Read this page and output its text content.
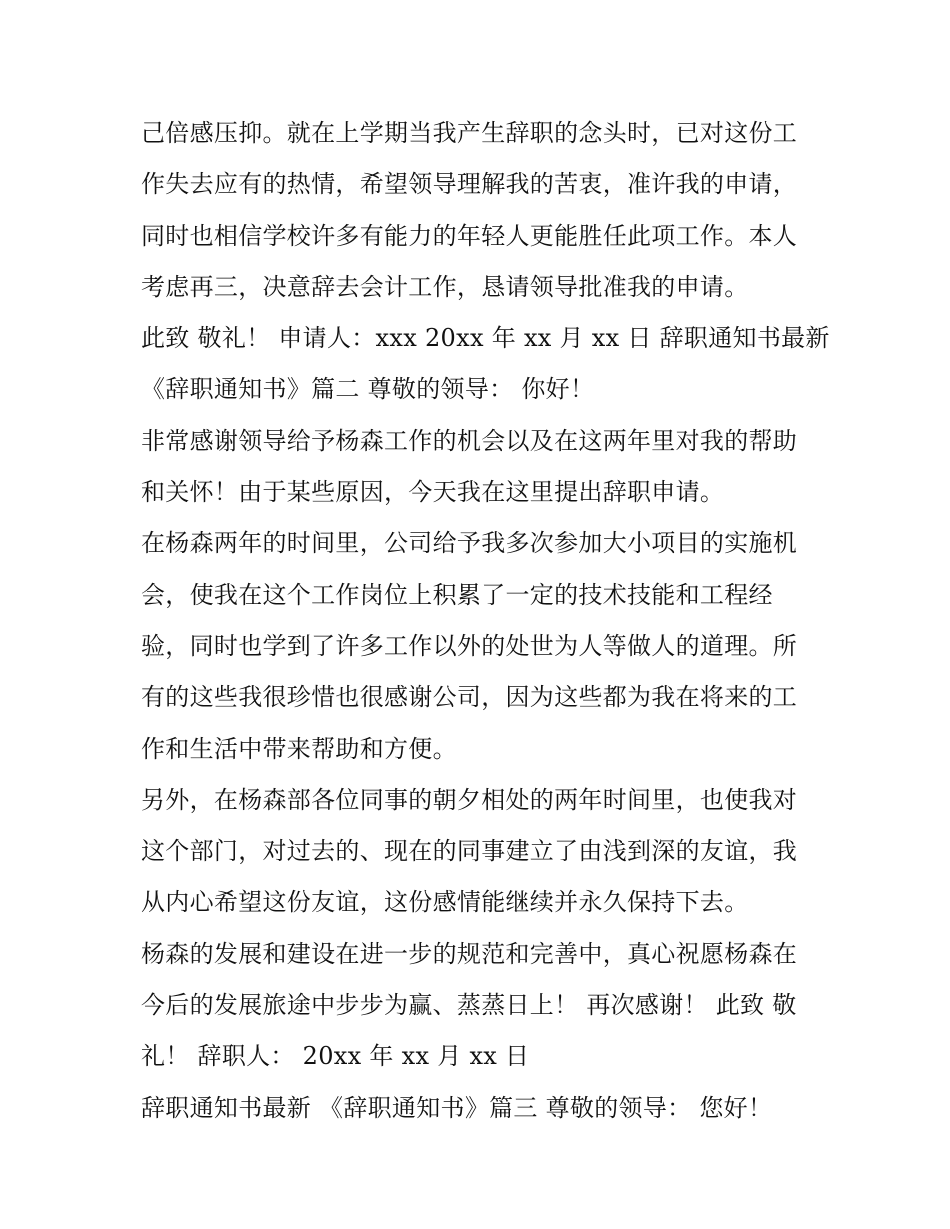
己倍感压抑。就在上学期当我产生辞职的念头时，已对这份工
作失去应有的热情，希望领导理解我的苦衷，准许我的申请，
同时也相信学校许多有能力的年轻人更能胜任此项工作。本人
考虑再三，决意辞去会计工作，恳请领导批准我的申请。
此致 敬礼！ 申请人：xxx 20xx 年 xx 月 xx 日 辞职通知书最新
《辞职通知书》篇二 尊敬的领导： 你好！
非常感谢领导给予杨森工作的机会以及在这两年里对我的帮助
和关怀！由于某些原因，今天我在这里提出辞职申请。
在杨森两年的时间里，公司给予我多次参加大小项目的实施机
会，使我在这个工作岗位上积累了一定的技术技能和工程经
验，同时也学到了许多工作以外的处世为人等做人的道理。所
有的这些我很珍惜也很感谢公司，因为这些都为我在将来的工
作和生活中带来帮助和方便。
另外，在杨森部各位同事的朝夕相处的两年时间里，也使我对
这个部门，对过去的、现在的同事建立了由浅到深的友谊，我
从内心希望这份友谊，这份感情能继续并永久保持下去。
杨森的发展和建设在进一步的规范和完善中，真心祝愿杨森在
今后的发展旅途中步步为赢、蒸蒸日上！ 再次感谢！ 此致 敬
礼！ 辞职人： 20xx 年 xx 月 xx 日
辞职通知书最新 《辞职通知书》篇三 尊敬的领导： 您好！
